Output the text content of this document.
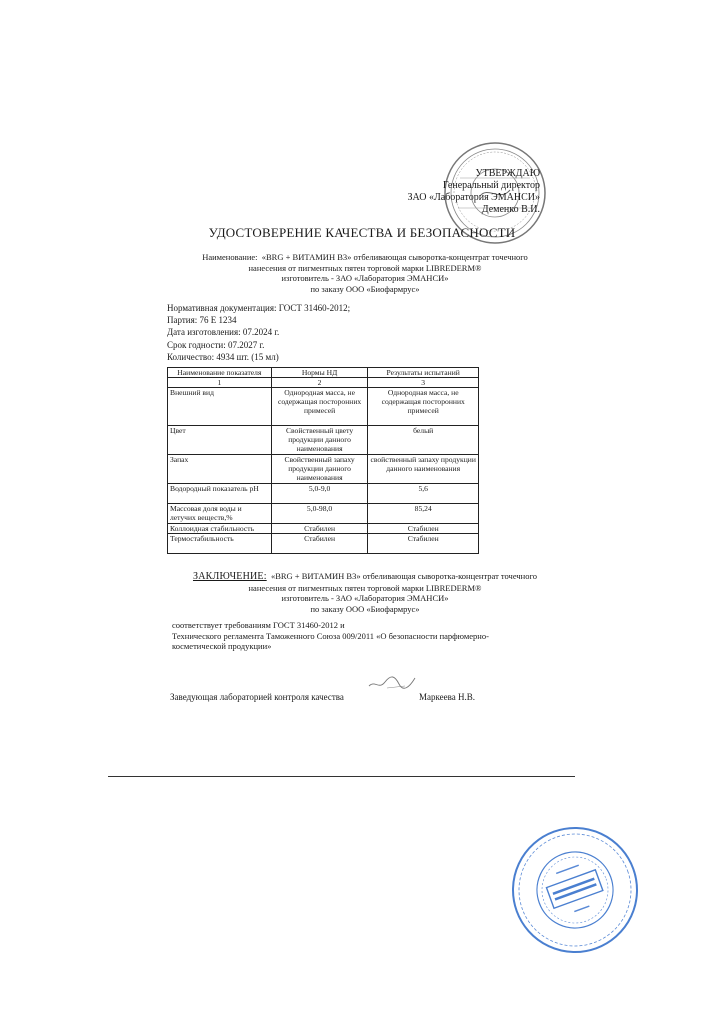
УТВЕРЖДАЮ
Генеральный директор
ЗАО «Лаборатория ЭМАНСИ»
Деменко В.И.
УДОСТОВЕРЕНИЕ КАЧЕСТВА И БЕЗОПАСНОСТИ
Наименование: «BRG + ВИТАМИН В3» отбеливающая сыворотка-концентрат точечного
нанесения от пигментных пятен торговой марки LIBREDERM®
изготовитель - ЗАО «Лаборатория ЭМАНСИ»
по заказу ООО «Биофармрус»
Нормативная документация: ГОСТ 31460-2012;
Партия: 76 Е 1234
Дата изготовления: 07.2024 г.
Срок годности: 07.2027 г.
Количество: 4934 шт. (15 мл)
Наименование показателя	Нормы НД	Результаты испытаний
1	2	3
Внешний вид	Однородная масса, не содержащая посторонних примесей	Однородная масса, не содержащая посторонних примесей
Цвет	Свойственный цвету продукции данного наименования	белый
Запах	Свойственный запаху продукции данного наименования	свойственный запаху продукции данного наименования
Водородный показатель pH	5,0-9,0	5,6
Массовая доля воды и летучих веществ,%	5,0-98,0	85,24
Коллоидная стабильность	Стабилен	Стабилен
Термостабильность	Стабилен	Стабилен
ЗАКЛЮЧЕНИЕ: «BRG + ВИТАМИН В3» отбеливающая сыворотка-концентрат точечного
нанесения от пигментных пятен торговой марки LIBREDERM®
изготовитель - ЗАО «Лаборатория ЭМАНСИ»
по заказу ООО «Биофармрус»
соответствует требованиям ГОСТ 31460-2012 и
Технического регламента Таможенного Союза 009/2011 «О безопасности парфюмерно-
косметической продукции»
Заведующая лабораторией контроля качества	Маркеева Н.В.
